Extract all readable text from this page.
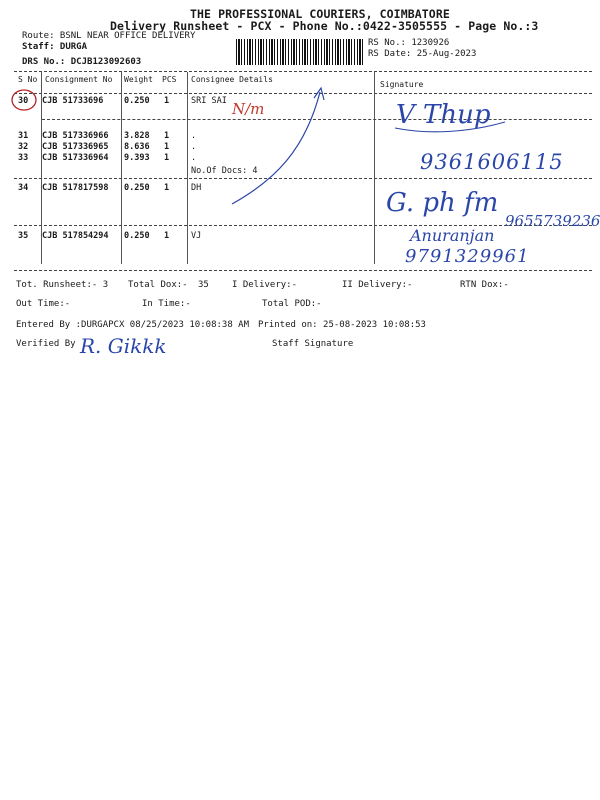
THE PROFESSIONAL COURIERS, COIMBATORE
Delivery Runsheet - PCX - Phone No.:0422-3505555 - Page No.:3
Route: BSNL NEAR OFFICE DELIVERY
Staff: DURGA
DRS No.: DCJB123092603
RS No.: 1230926
RS Date: 25-Aug-2023
S No Consignment No Weight PCS Consignee Details
Signature
30 CJB 51733696 0.250 1	SRI SAI
31 CJB 517336966 3.828 1	.
32 CJB 517336965 8.636 1	.
33 CJB 517336964 9.393 1	.
No.Of Docs: 4
34 CJB 517817598 0.250 1	DH
35 CJB 517854294 0.250 1	VJ
N/m	V Thup
9361606115
G. ph fm
Anuranjan
9655739236
9791329961
Tot. Runsheet:- 3 Total Dox:- 35	I Delivery:-	II Delivery:-	RTN Dox:-
Out Time:-	In Time:-	Total POD:-
Entered By :DURGAPCX 08/25/2023 10:08:38 AM Printed on: 25-08-2023 10:08:53
Verified By R. Gikkk	Staff Signature
